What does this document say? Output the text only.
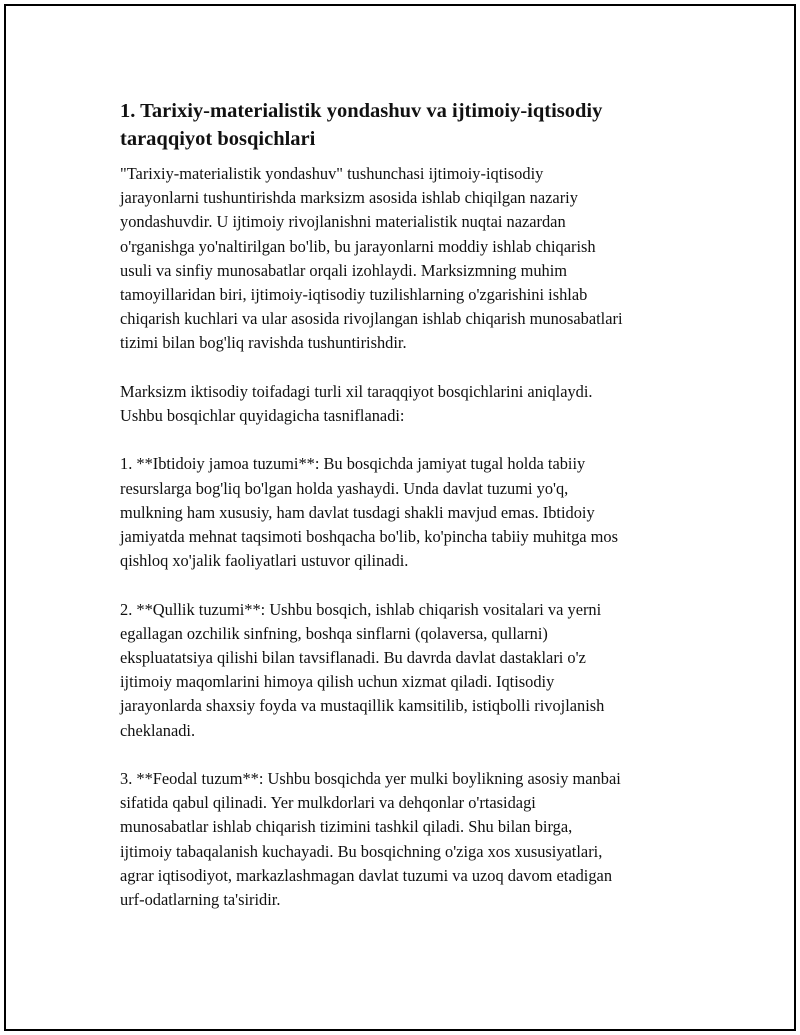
1. Tarixiy-materialistik yondashuv va ijtimoiy-iqtisodiy
taraqqiyot bosqichlari

"Tarixiy-materialistik yondashuv" tushunchasi ijtimoiy-iqtisodiy
jarayonlarni tushuntirishda marksizm asosida ishlab chiqilgan nazariy
yondashuvdir. U ijtimoiy rivojlanishni materialistik nuqtai nazardan
o'rganishga yo'naltirilgan bo'lib, bu jarayonlarni moddiy ishlab chiqarish
usuli va sinfiy munosabatlar orqali izohlaydi. Marksizmning muhim
tamoyillaridan biri, ijtimoiy-iqtisodiy tuzilishlarning o'zgarishini ishlab
chiqarish kuchlari va ular asosida rivojlangan ishlab chiqarish munosabatlari
tizimi bilan bog'liq ravishda tushuntirishdir.

Marksizm iktisodiy toifadagi turli xil taraqqiyot bosqichlarini aniqlaydi.
Ushbu bosqichlar quyidagicha tasniflanadi:

1. **Ibtidoiy jamoa tuzumi**: Bu bosqichda jamiyat tugal holda tabiiy
resurslarga bog'liq bo'lgan holda yashaydi. Unda davlat tuzumi yo'q,
mulkning ham xususiy, ham davlat tusdagi shakli mavjud emas. Ibtidoiy
jamiyatda mehnat taqsimoti boshqacha bo'lib, ko'pincha tabiiy muhitga mos
qishloq xo'jalik faoliyatlari ustuvor qilinadi.

2. **Qullik tuzumi**: Ushbu bosqich, ishlab chiqarish vositalari va yerni
egallagan ozchilik sinfning, boshqa sinflarni (qolaversa, qullarni)
ekspluatatsiya qilishi bilan tavsiflanadi. Bu davrda davlat dastaklari o'z
ijtimoiy maqomlarini himoya qilish uchun xizmat qiladi. Iqtisodiy
jarayonlarda shaxsiy foyda va mustaqillik kamsitilib, istiqbolli rivojlanish
cheklanadi.

3. **Feodal tuzum**: Ushbu bosqichda yer mulki boylikning asosiy manbai
sifatida qabul qilinadi. Yer mulkdorlari va dehqonlar o'rtasidagi
munosabatlar ishlab chiqarish tizimini tashkil qiladi. Shu bilan birga,
ijtimoiy tabaqalanish kuchayadi. Bu bosqichning o'ziga xos xususiyatlari,
agrar iqtisodiyot, markazlashmagan davlat tuzumi va uzoq davom etadigan
urf-odatlarning ta'siridir.
